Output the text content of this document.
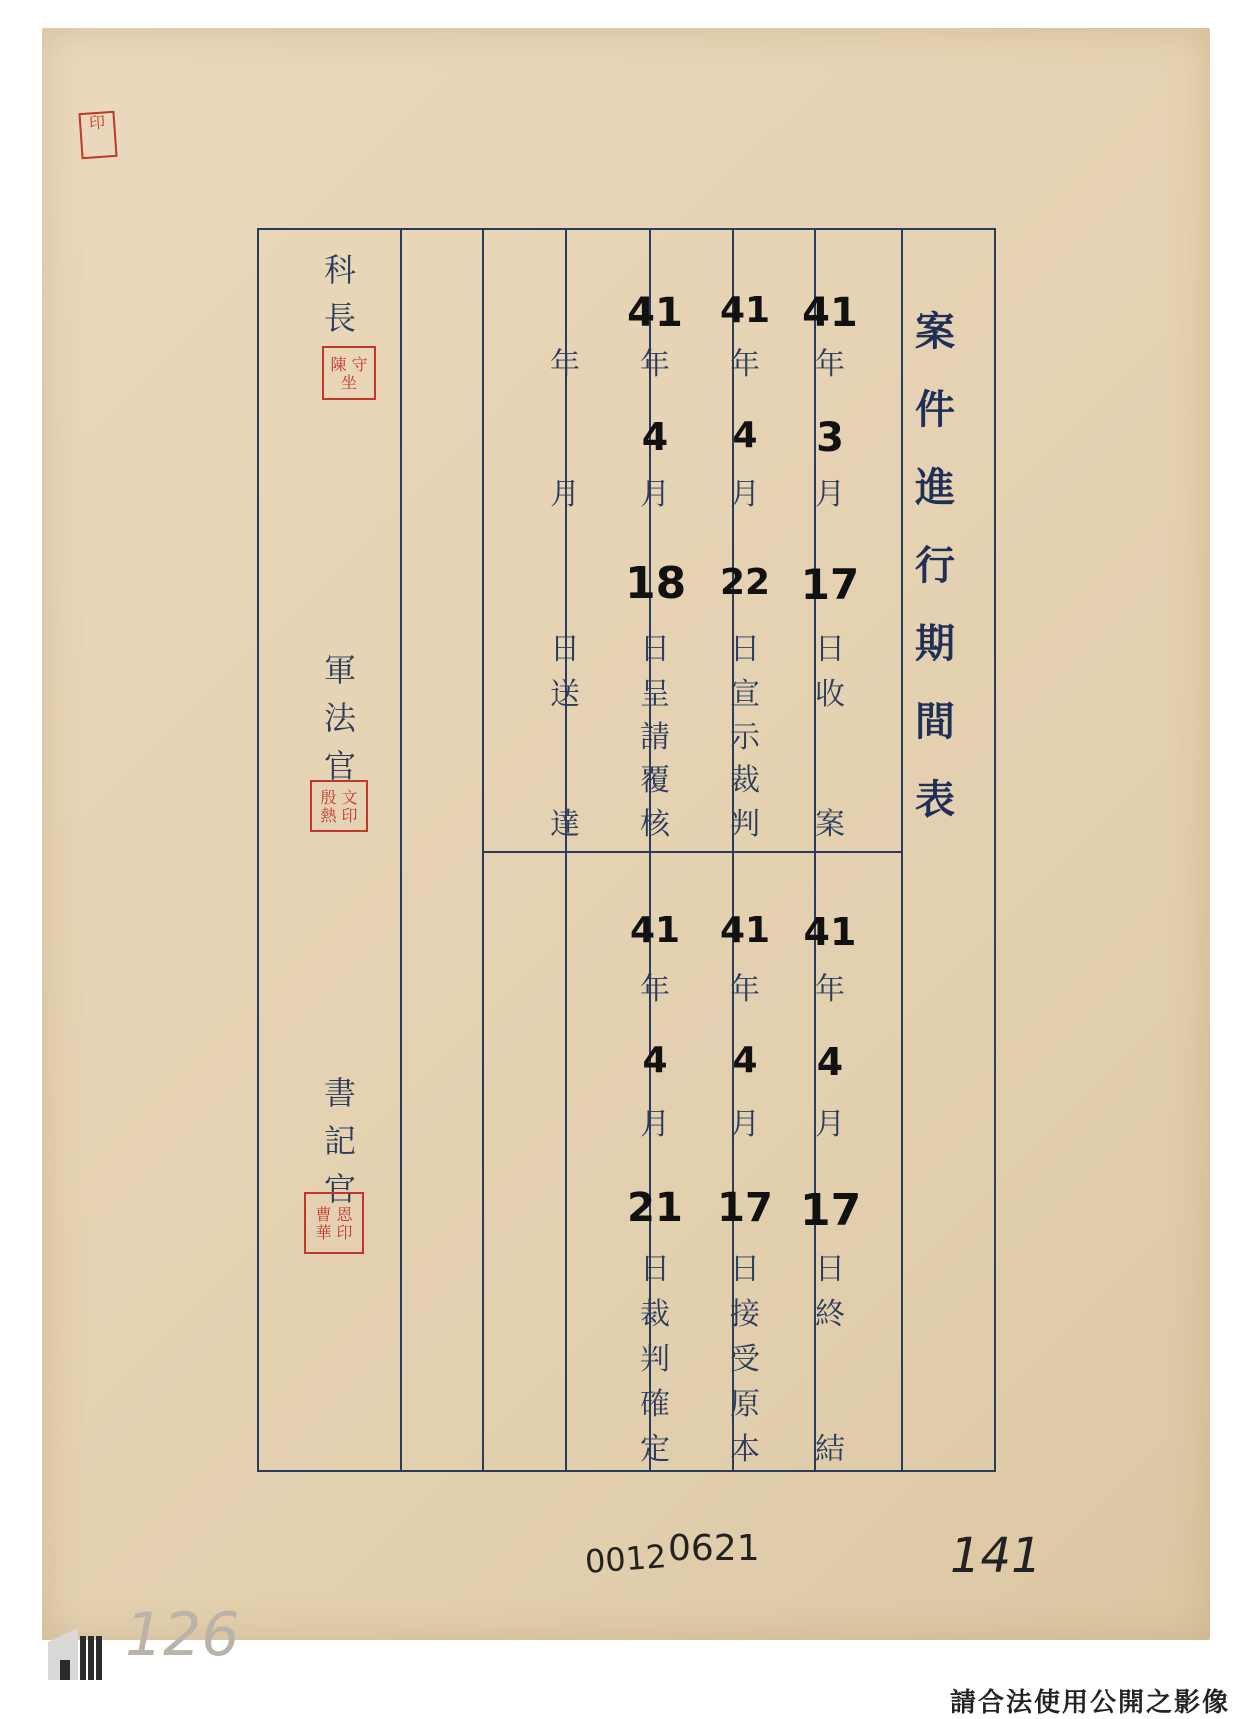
印
案
件
進
行
期
間
表
41
年
3
月
17
日
收
案
41
年
4
月
22
日
宣
示
裁
判
41
年
4
月
18
日
呈
請
覆
核
年
月
日
送
達
41
年
4
月
17
日
終
結
41
年
4
月
17
日
接
受
原
本
41
年
4
月
21
日
裁
判
確
定
科
長
陳 守 坐
軍
法
官
殷 文 熱 印
書
記
官
曹 恩 華 印
0012 0621	141
126
請合法使用公開之影像
